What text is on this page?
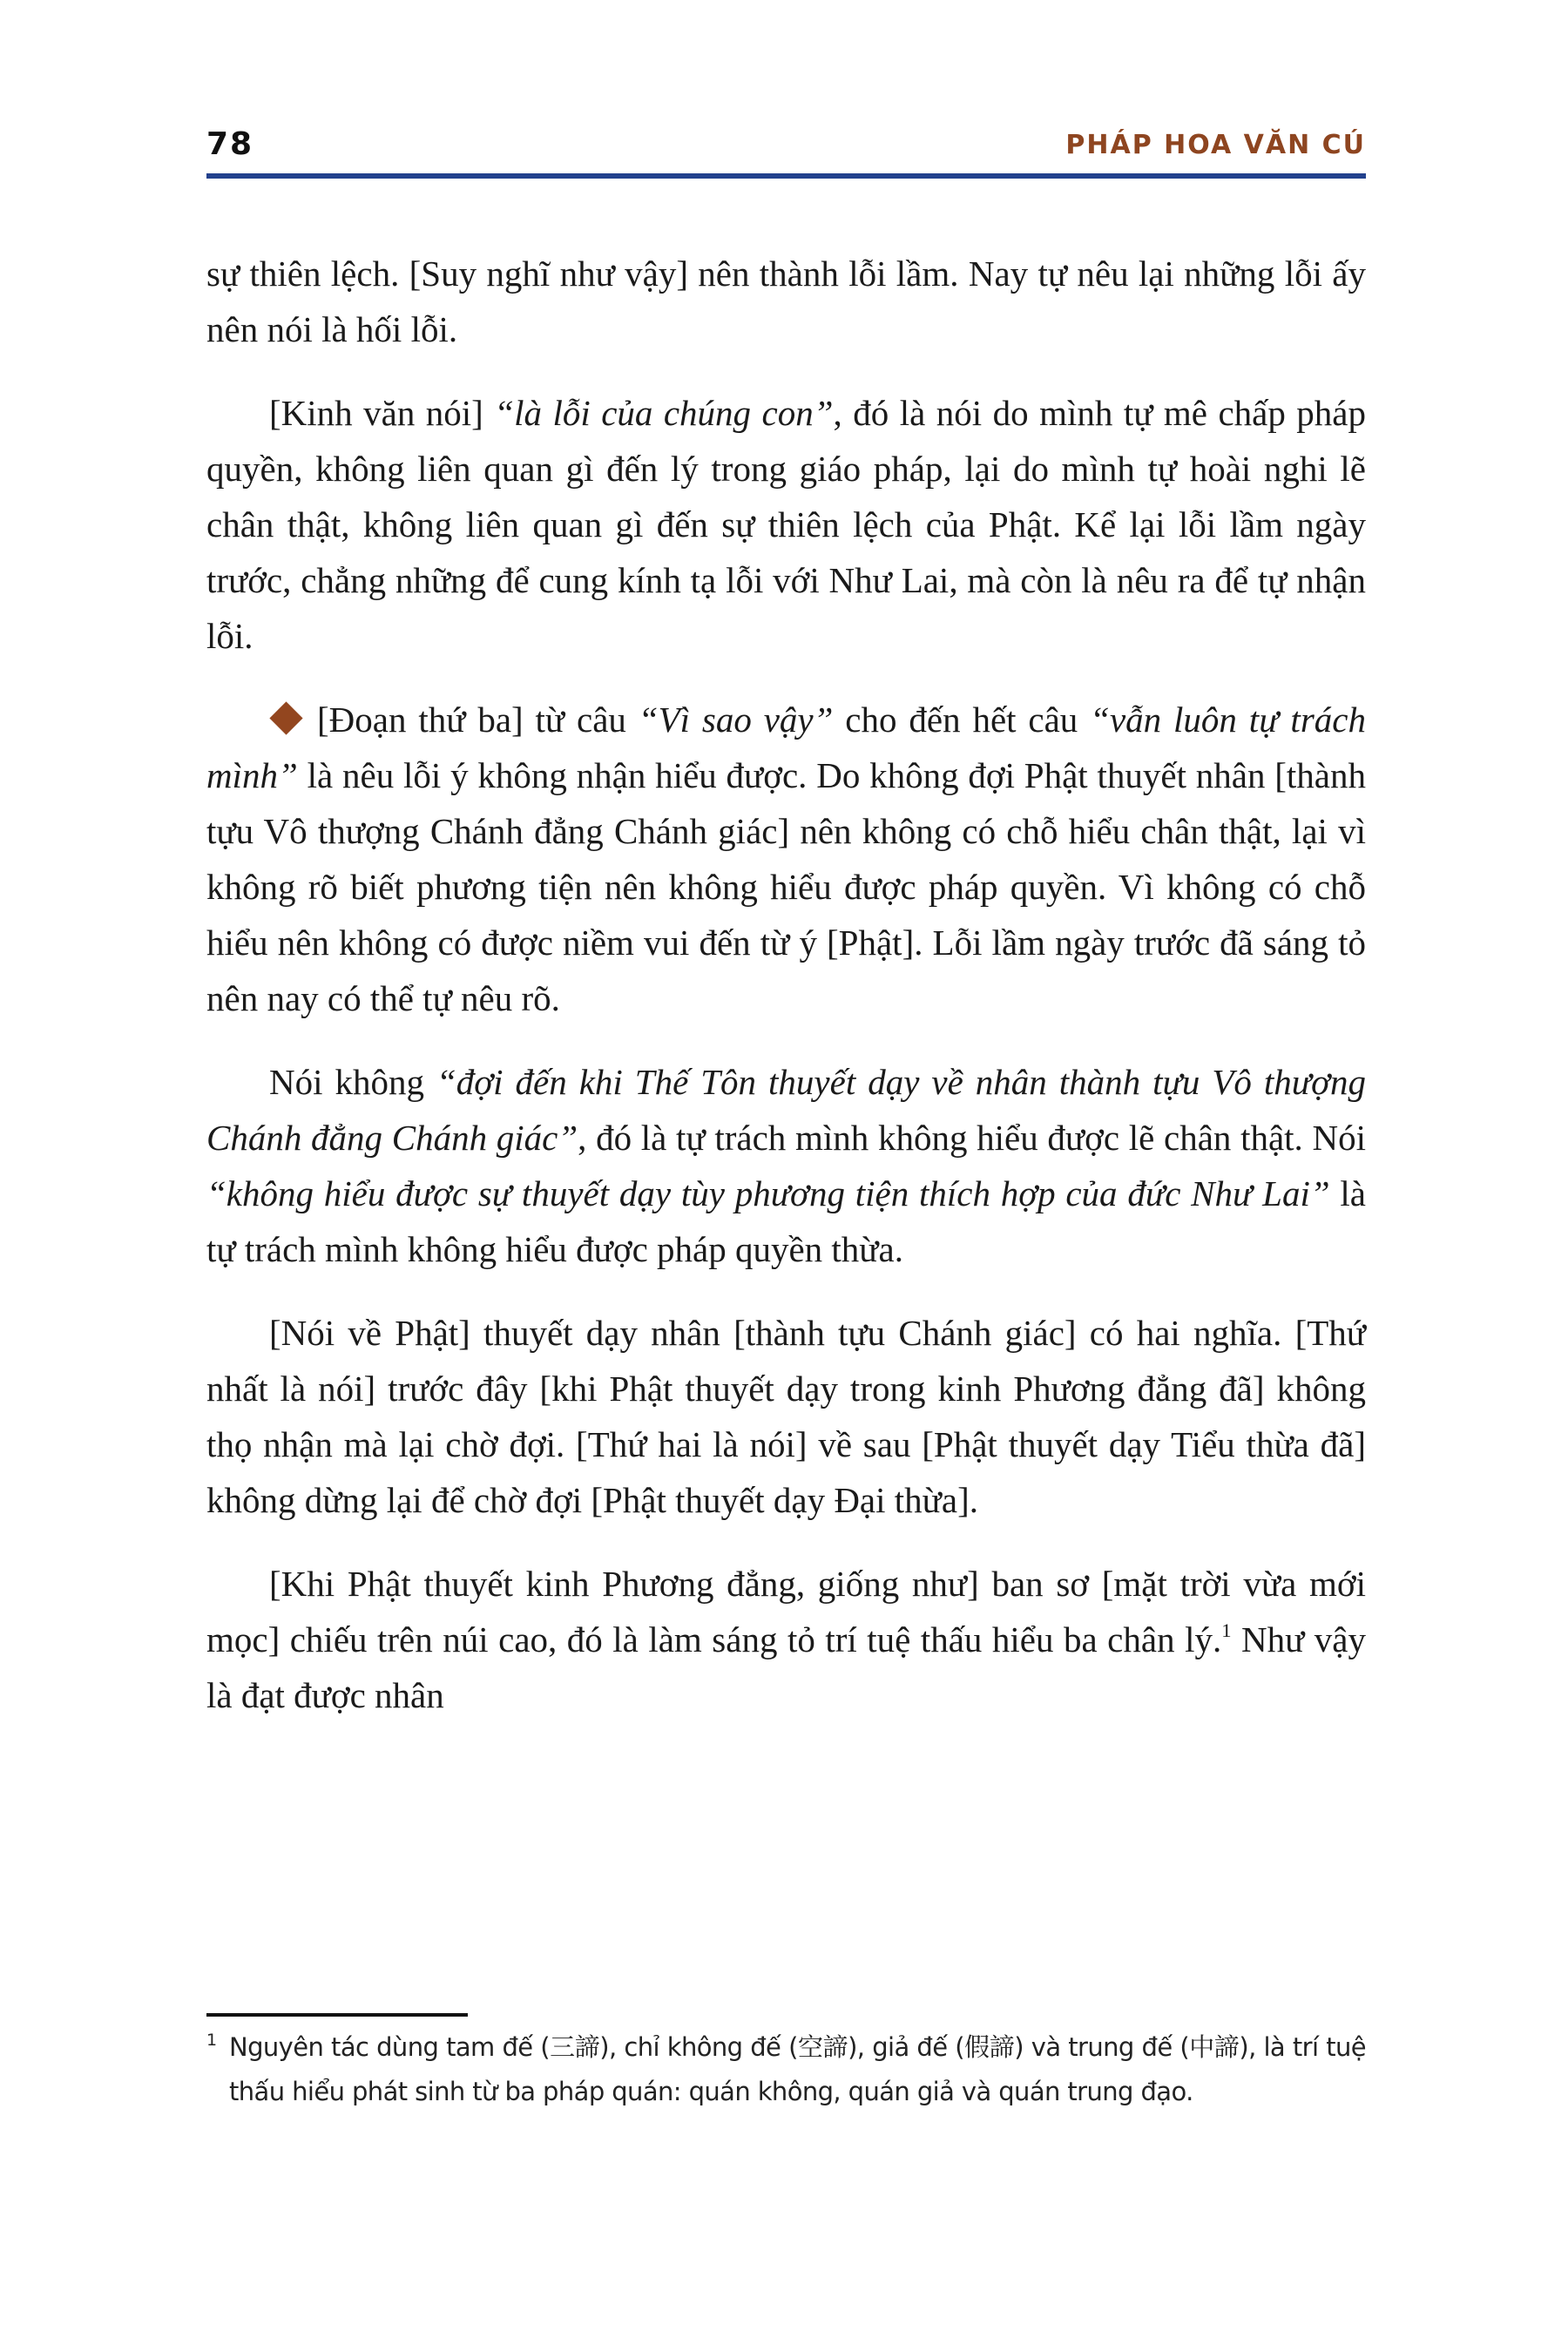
78	PHÁP HOA VĂN CÚ

sự thiên lệch. [Suy nghĩ như vậy] nên thành lỗi lầm. Nay tự nêu lại những lỗi ấy nên nói là hối lỗi.

[Kinh văn nói] “là lỗi của chúng con”, đó là nói do mình tự mê chấp pháp quyền, không liên quan gì đến lý trong giáo pháp, lại do mình tự hoài nghi lẽ chân thật, không liên quan gì đến sự thiên lệch của Phật. Kể lại lỗi lầm ngày trước, chẳng những để cung kính tạ lỗi với Như Lai, mà còn là nêu ra để tự nhận lỗi.

[Đoạn thứ ba] từ câu “Vì sao vậy” cho đến hết câu “vẫn luôn tự trách mình” là nêu lỗi ý không nhận hiểu được. Do không đợi Phật thuyết nhân [thành tựu Vô thượng Chánh đẳng Chánh giác] nên không có chỗ hiểu chân thật, lại vì không rõ biết phương tiện nên không hiểu được pháp quyền. Vì không có chỗ hiểu nên không có được niềm vui đến từ ý [Phật]. Lỗi lầm ngày trước đã sáng tỏ nên nay có thể tự nêu rõ.

Nói không “đợi đến khi Thế Tôn thuyết dạy về nhân thành tựu Vô thượng Chánh đẳng Chánh giác”, đó là tự trách mình không hiểu được lẽ chân thật. Nói “không hiểu được sự thuyết dạy tùy phương tiện thích hợp của đức Như Lai” là tự trách mình không hiểu được pháp quyền thừa.

[Nói về Phật] thuyết dạy nhân [thành tựu Chánh giác] có hai nghĩa. [Thứ nhất là nói] trước đây [khi Phật thuyết dạy trong kinh Phương đẳng đã] không thọ nhận mà lại chờ đợi. [Thứ hai là nói] về sau [Phật thuyết dạy Tiểu thừa đã] không dừng lại để chờ đợi [Phật thuyết dạy Đại thừa].

[Khi Phật thuyết kinh Phương đẳng, giống như] ban sơ [mặt trời vừa mới mọc] chiếu trên núi cao, đó là làm sáng tỏ trí tuệ thấu hiểu ba chân lý.$^1$ Như vậy là đạt được nhân

1 Nguyên tác dùng tam đế (三諦), chỉ không đế (空諦), giả đế (假諦) và trung đế (中諦), là trí tuệ thấu hiểu phát sinh từ ba pháp quán: quán không, quán giả và quán trung đạo.
